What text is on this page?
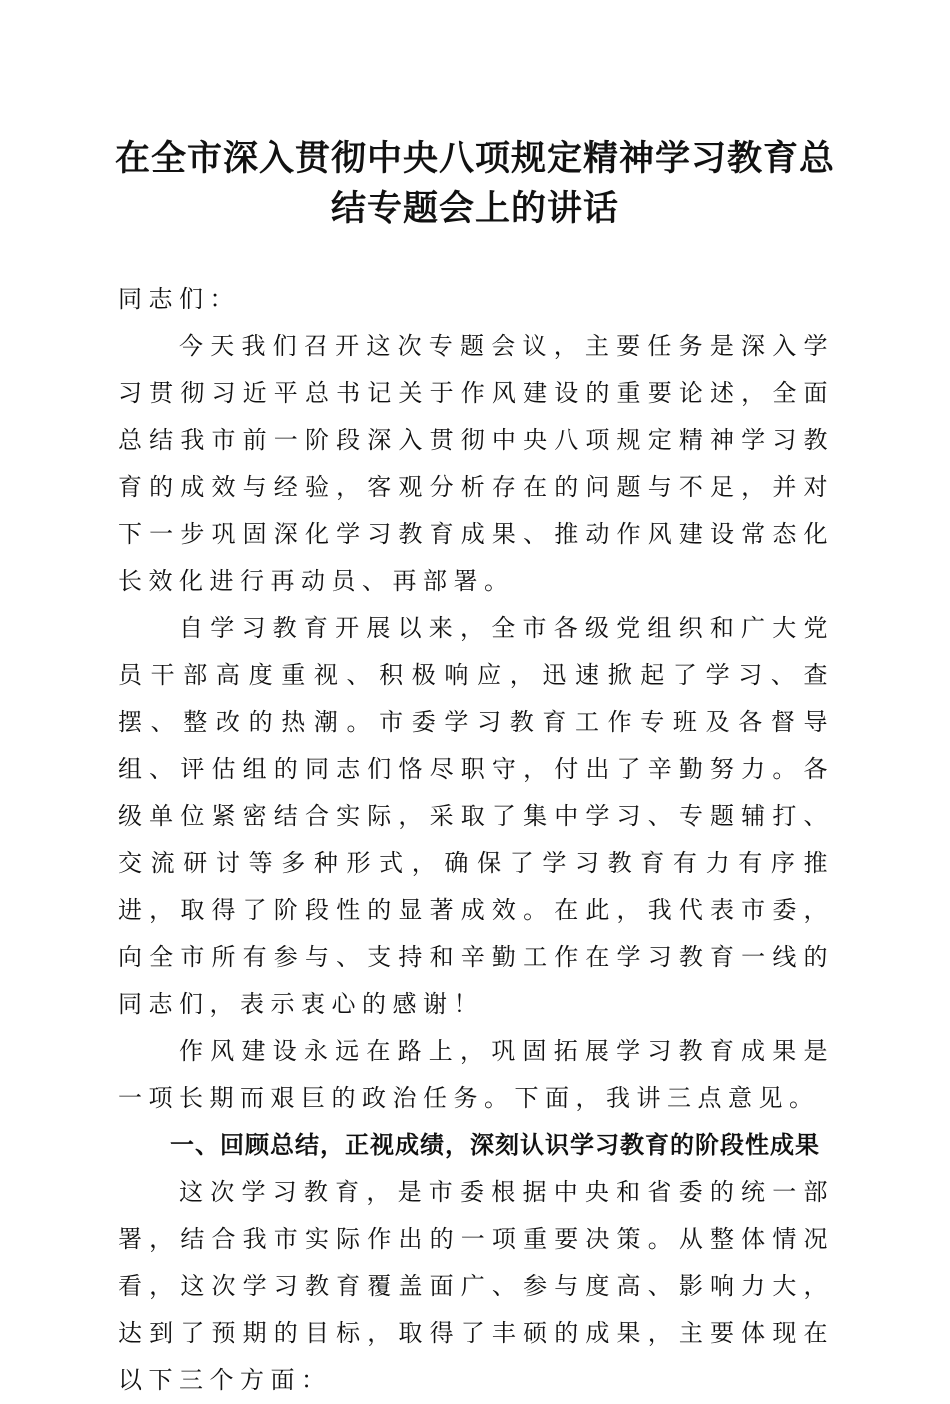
在全市深入贯彻中央八项规定精神学习教育总
结专题会上的讲话

同志们：

今天我们召开这次专题会议，主要任务是深入学习贯彻习近平总书记关于作风建设的重要论述，全面总结我市前一阶段深入贯彻中央八项规定精神学习教育的成效与经验，客观分析存在的问题与不足，并对下一步巩固深化学习教育成果、推动作风建设常态化长效化进行再动员、再部署。

自学习教育开展以来，全市各级党组织和广大党员干部高度重视、积极响应，迅速掀起了学习、查摆、整改的热潮。市委学习教育工作专班及各督导组、评估组的同志们恪尽职守，付出了辛勤努力。各级单位紧密结合实际，采取了集中学习、专题辅打、交流研讨等多种形式，确保了学习教育有力有序推进，取得了阶段性的显著成效。在此，我代表市委，向全市所有参与、支持和辛勤工作在学习教育一线的同志们，表示衷心的感谢！

作风建设永远在路上，巩固拓展学习教育成果是一项长期而艰巨的政治任务。下面，我讲三点意见。

一、回顾总结，正视成绩，深刻认识学习教育的阶段性成果

这次学习教育，是市委根据中央和省委的统一部署，结合我市实际作出的一项重要决策。从整体情况看，这次学习教育覆盖面广、参与度高、影响力大，达到了预期的目标，取得了丰硕的成果，主要体现在以下三个方面：
